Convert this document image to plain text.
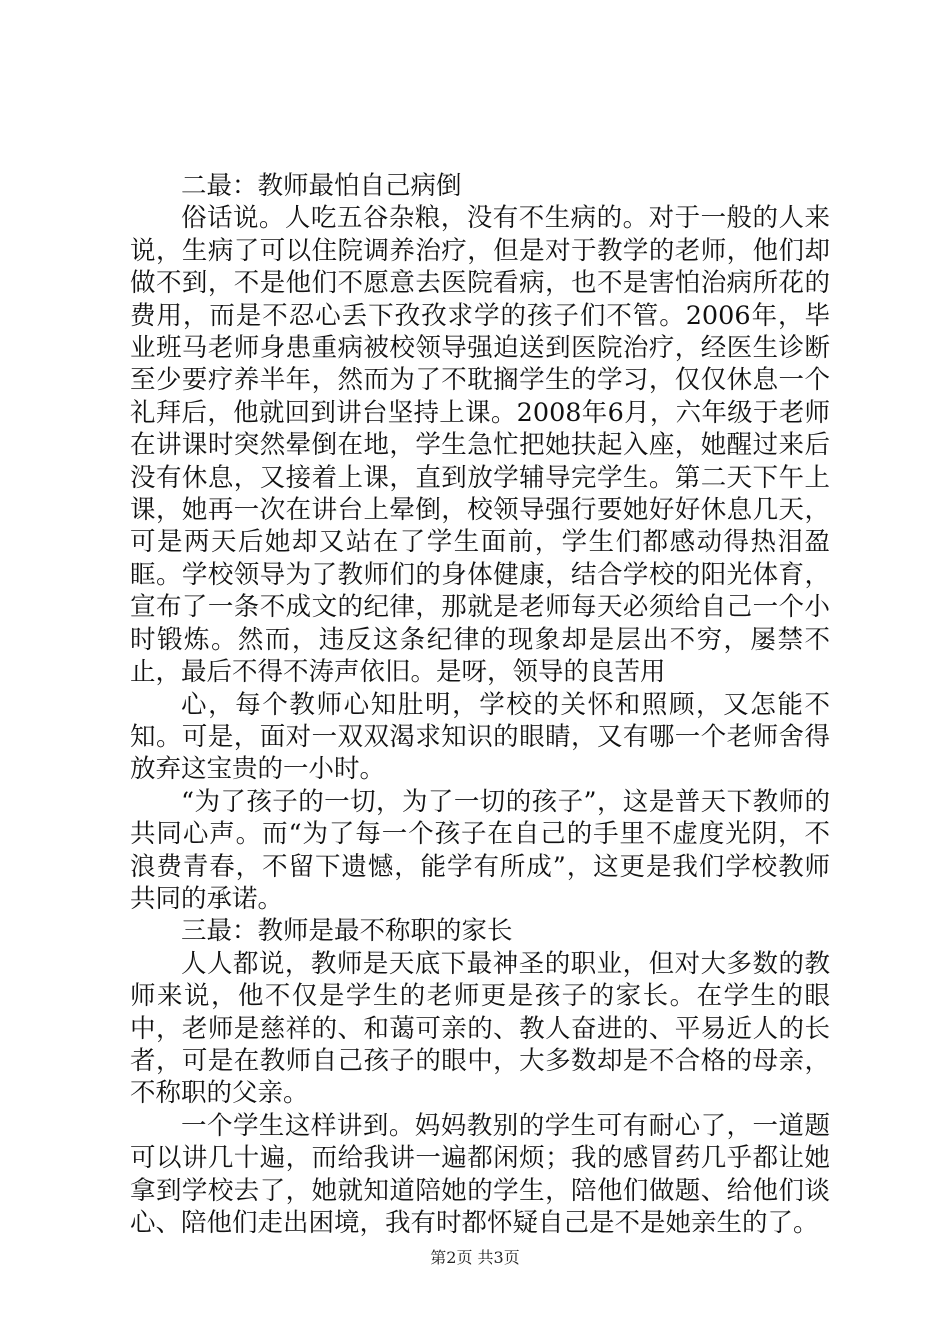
二最：教师最怕自己病倒

俗话说。人吃五谷杂粮，没有不生病的。对于一般的人来说，生病了可以住院调养治疗，但是对于教学的老师，他们却做不到，不是他们不愿意去医院看病，也不是害怕治病所花的费用，而是不忍心丢下孜孜求学的孩子们不管。2006年，毕业班马老师身患重病被校领导强迫送到医院治疗，经医生诊断至少要疗养半年，然而为了不耽搁学生的学习，仅仅休息一个礼拜后，他就回到讲台坚持上课。2008年6月，六年级于老师在讲课时突然晕倒在地，学生急忙把她扶起入座，她醒过来后没有休息，又接着上课，直到放学辅导完学生。第二天下午上课，她再一次在讲台上晕倒，校领导强行要她好好休息几天，可是两天后她却又站在了学生面前，学生们都感动得热泪盈眶。学校领导为了教师们的身体健康，结合学校的阳光体育，宣布了一条不成文的纪律，那就是老师每天必须给自己一个小时锻炼。然而，违反这条纪律的现象却是层出不穷，屡禁不止，最后不得不涛声依旧。是呀，领导的良苦用

心，每个教师心知肚明，学校的关怀和照顾，又怎能不知。可是，面对一双双渴求知识的眼睛，又有哪一个老师舍得放弃这宝贵的一小时。

“为了孩子的一切，为了一切的孩子”，这是普天下教师的共同心声。而“为了每一个孩子在自己的手里不虚度光阴，不浪费青春，不留下遗憾，能学有所成”，这更是我们学校教师共同的承诺。

三最：教师是最不称职的家长

人人都说，教师是天底下最神圣的职业，但对大多数的教师来说，他不仅是学生的老师更是孩子的家长。在学生的眼中，老师是慈祥的、和蔼可亲的、教人奋进的、平易近人的长者，可是在教师自己孩子的眼中，大多数却是不合格的母亲，不称职的父亲。

一个学生这样讲到。妈妈教别的学生可有耐心了，一道题可以讲几十遍，而给我讲一遍都闲烦；我的感冒药几乎都让她拿到学校去了，她就知道陪她的学生，陪他们做题、给他们谈心、陪他们走出困境，我有时都怀疑自己是不是她亲生的了。

第2页 共3页
